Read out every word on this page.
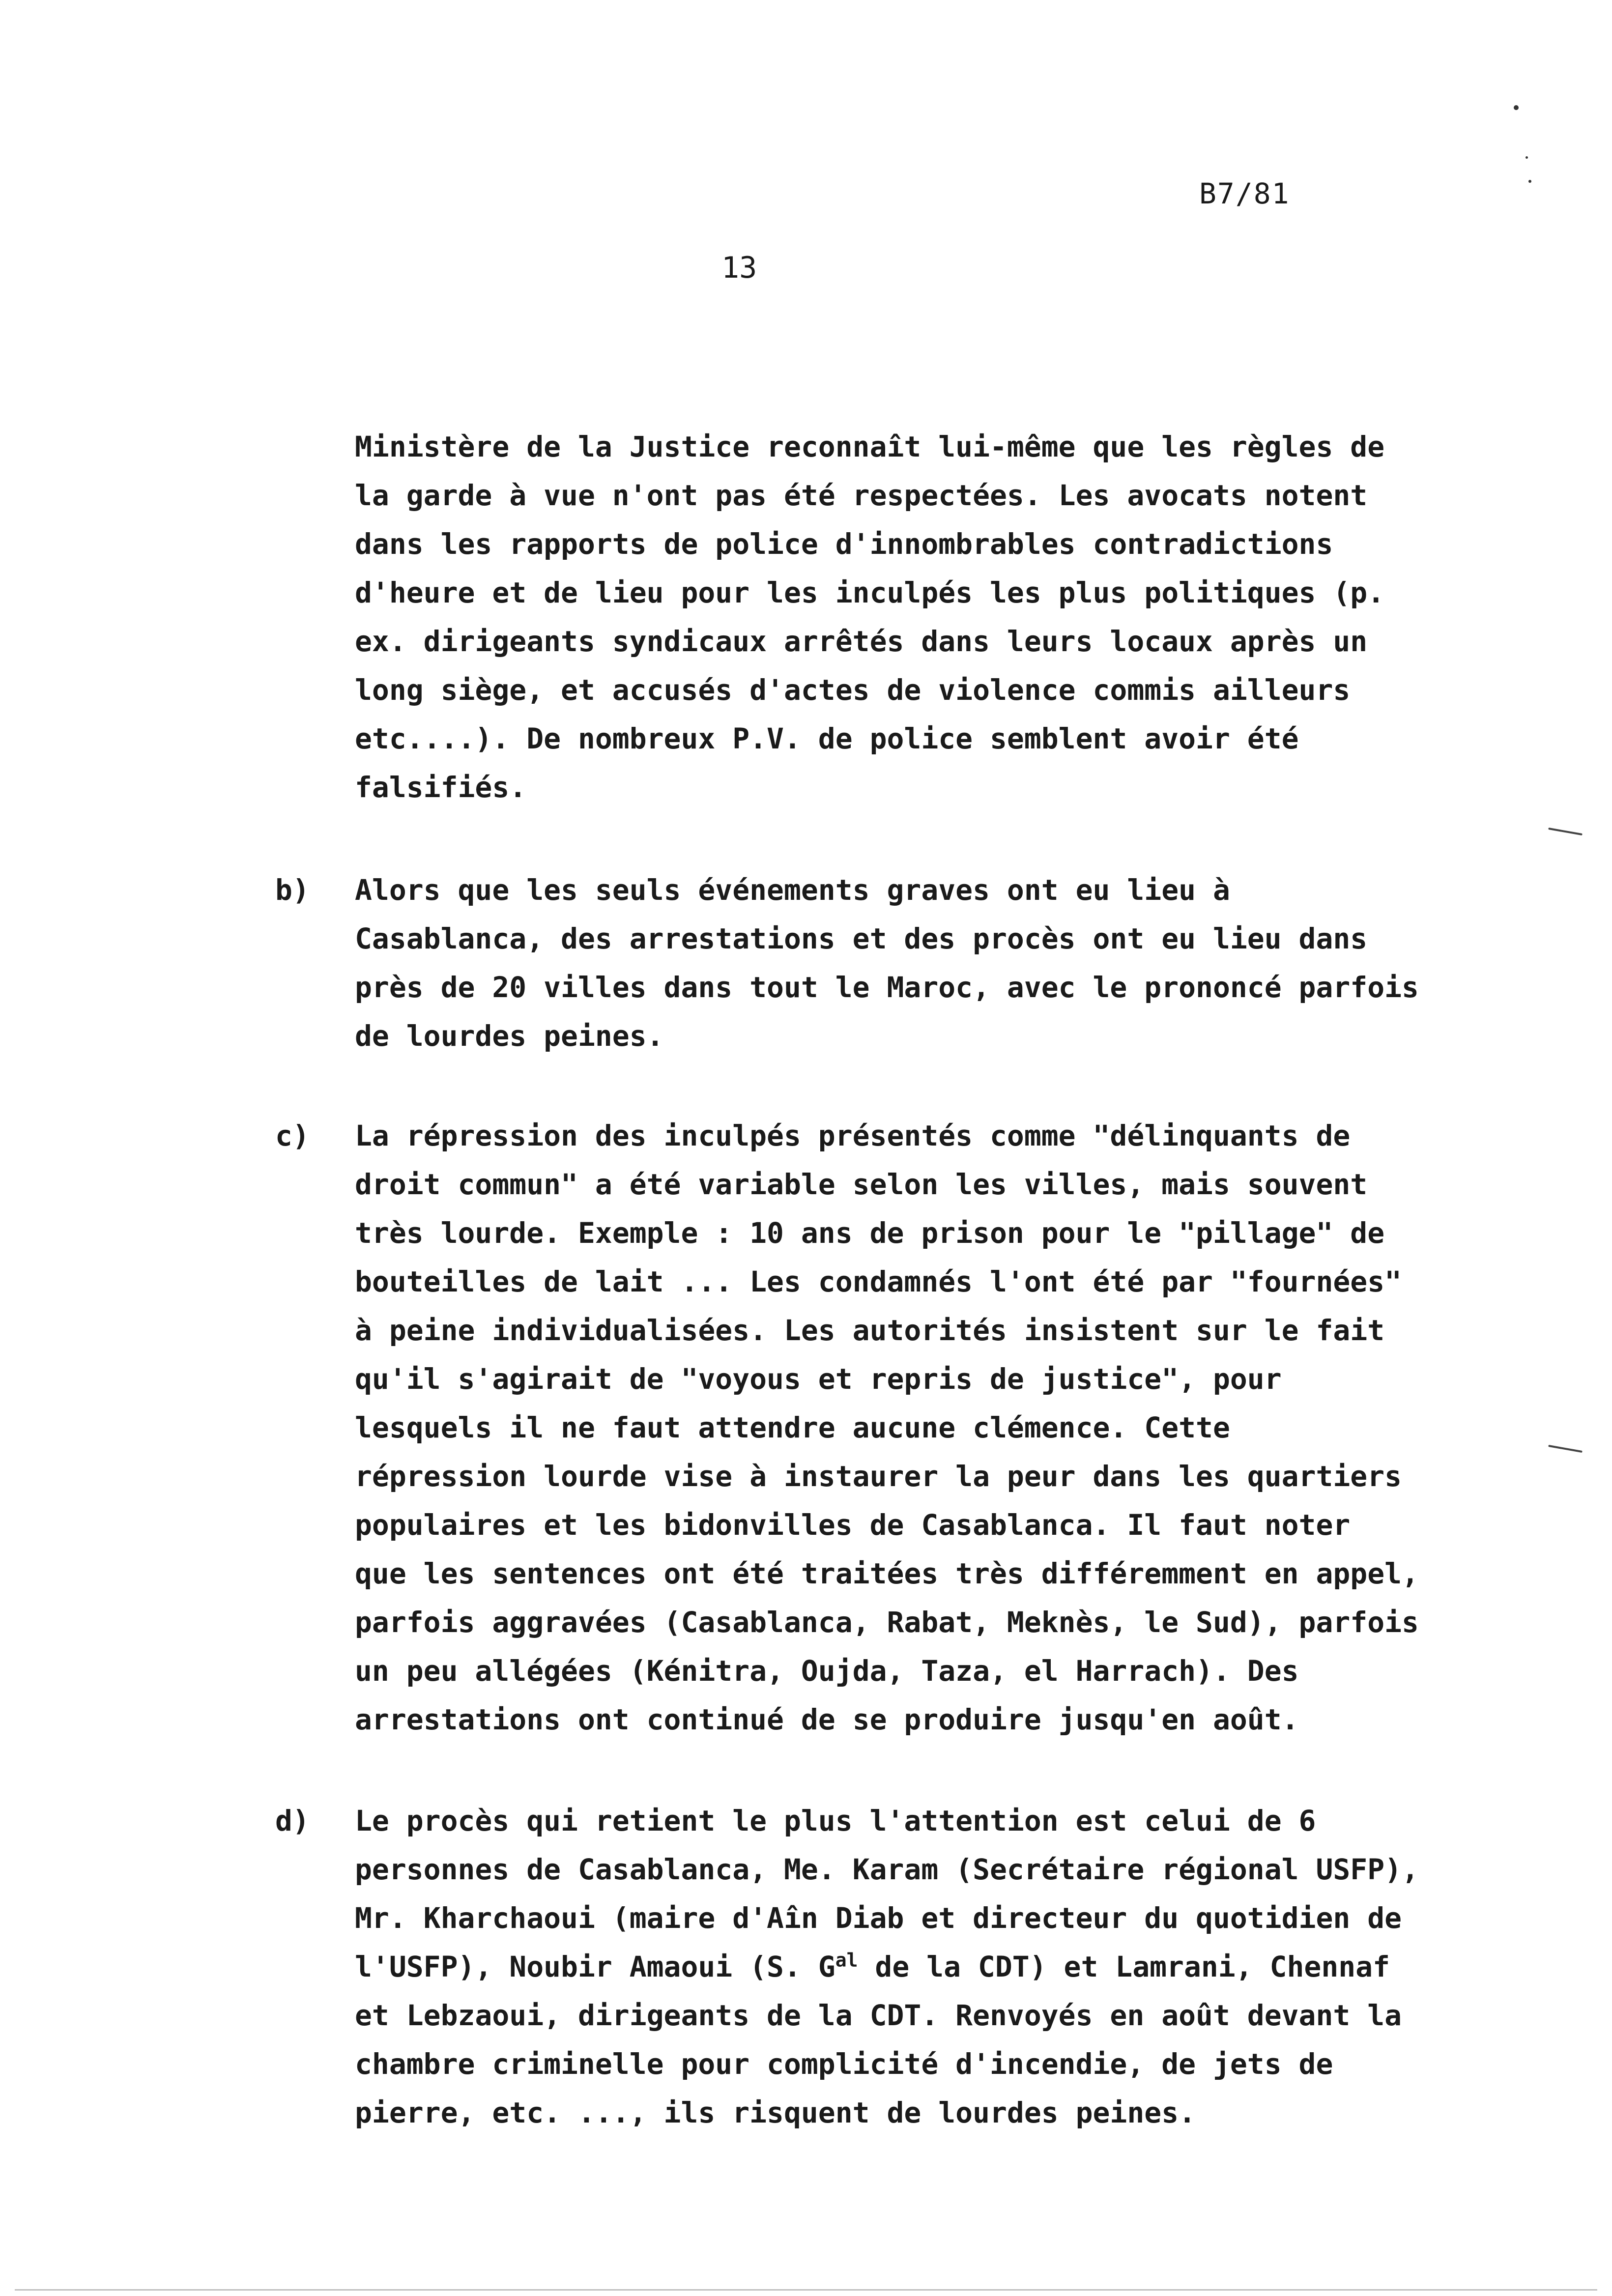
B7/81
13
Ministère de la Justice reconnaît lui-même que les règles de
la garde à vue n'ont pas été respectées. Les avocats notent
dans les rapports de police d'innombrables contradictions
d'heure et de lieu pour les inculpés les plus politiques (p.
ex. dirigeants syndicaux arrêtés dans leurs locaux après un
long siège, et accusés d'actes de violence commis ailleurs
etc....). De nombreux P.V. de police semblent avoir été
falsifiés.
b) Alors que les seuls événements graves ont eu lieu à
Casablanca, des arrestations et des procès ont eu lieu dans
près de 20 villes dans tout le Maroc, avec le prononcé parfois
de lourdes peines.
c) La répression des inculpés présentés comme "délinquants de
droit commun" a été variable selon les villes, mais souvent
très lourde. Exemple : 10 ans de prison pour le "pillage" de
bouteilles de lait ... Les condamnés l'ont été par "fournées"
à peine individualisées. Les autorités insistent sur le fait
qu'il s'agirait de "voyous et repris de justice", pour
lesquels il ne faut attendre aucune clémence. Cette
répression lourde vise à instaurer la peur dans les quartiers
populaires et les bidonvilles de Casablanca. Il faut noter
que les sentences ont été traitées très différemment en appel,
parfois aggravées (Casablanca, Rabat, Meknès, le Sud), parfois
un peu allégées (Kénitra, Oujda, Taza, el Harrach). Des
arrestations ont continué de se produire jusqu'en août.
d) Le procès qui retient le plus l'attention est celui de 6
personnes de Casablanca, Me. Karam (Secrétaire régional USFP),
Mr. Kharchaoui (maire d'Aîn Diab et directeur du quotidien de
l'USFP), Noubir Amaoui (S. $G^{al}$ de la CDT) et Lamrani, Chennaf
et Lebzaoui, dirigeants de la CDT. Renvoyés en août devant la
chambre criminelle pour complicité d'incendie, de jets de
pierre, etc. ..., ils risquent de lourdes peines.
